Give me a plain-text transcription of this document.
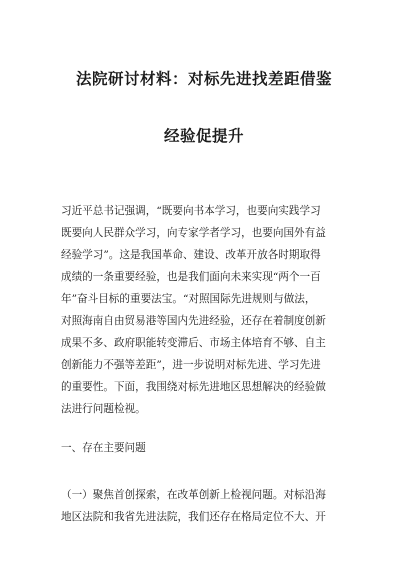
法院研讨材料：对标先进找差距借鉴
经验促提升
习近平总书记强调，“既要向书本学习，也要向实践学习
既要向人民群众学习，向专家学者学习，也要向国外有益
经验学习”。这是我国革命、建设、改革开放各时期取得
成绩的一条重要经验，也是我们面向未来实现“两个一百
年”奋斗目标的重要法宝。“对照国际先进规则与做法，
对照海南自由贸易港等国内先进经验，还存在着制度创新
成果不多、政府职能转变滞后、市场主体培育不够、自主
创新能力不强等差距”，进一步说明对标先进、学习先进
的重要性。下面，我围绕对标先进地区思想解决的经验做
法进行问题检视。
一、存在主要问题
（一）聚焦首创探索，在改革创新上检视问题。对标沿海
地区法院和我省先进法院，我们还存在格局定位不大、开
